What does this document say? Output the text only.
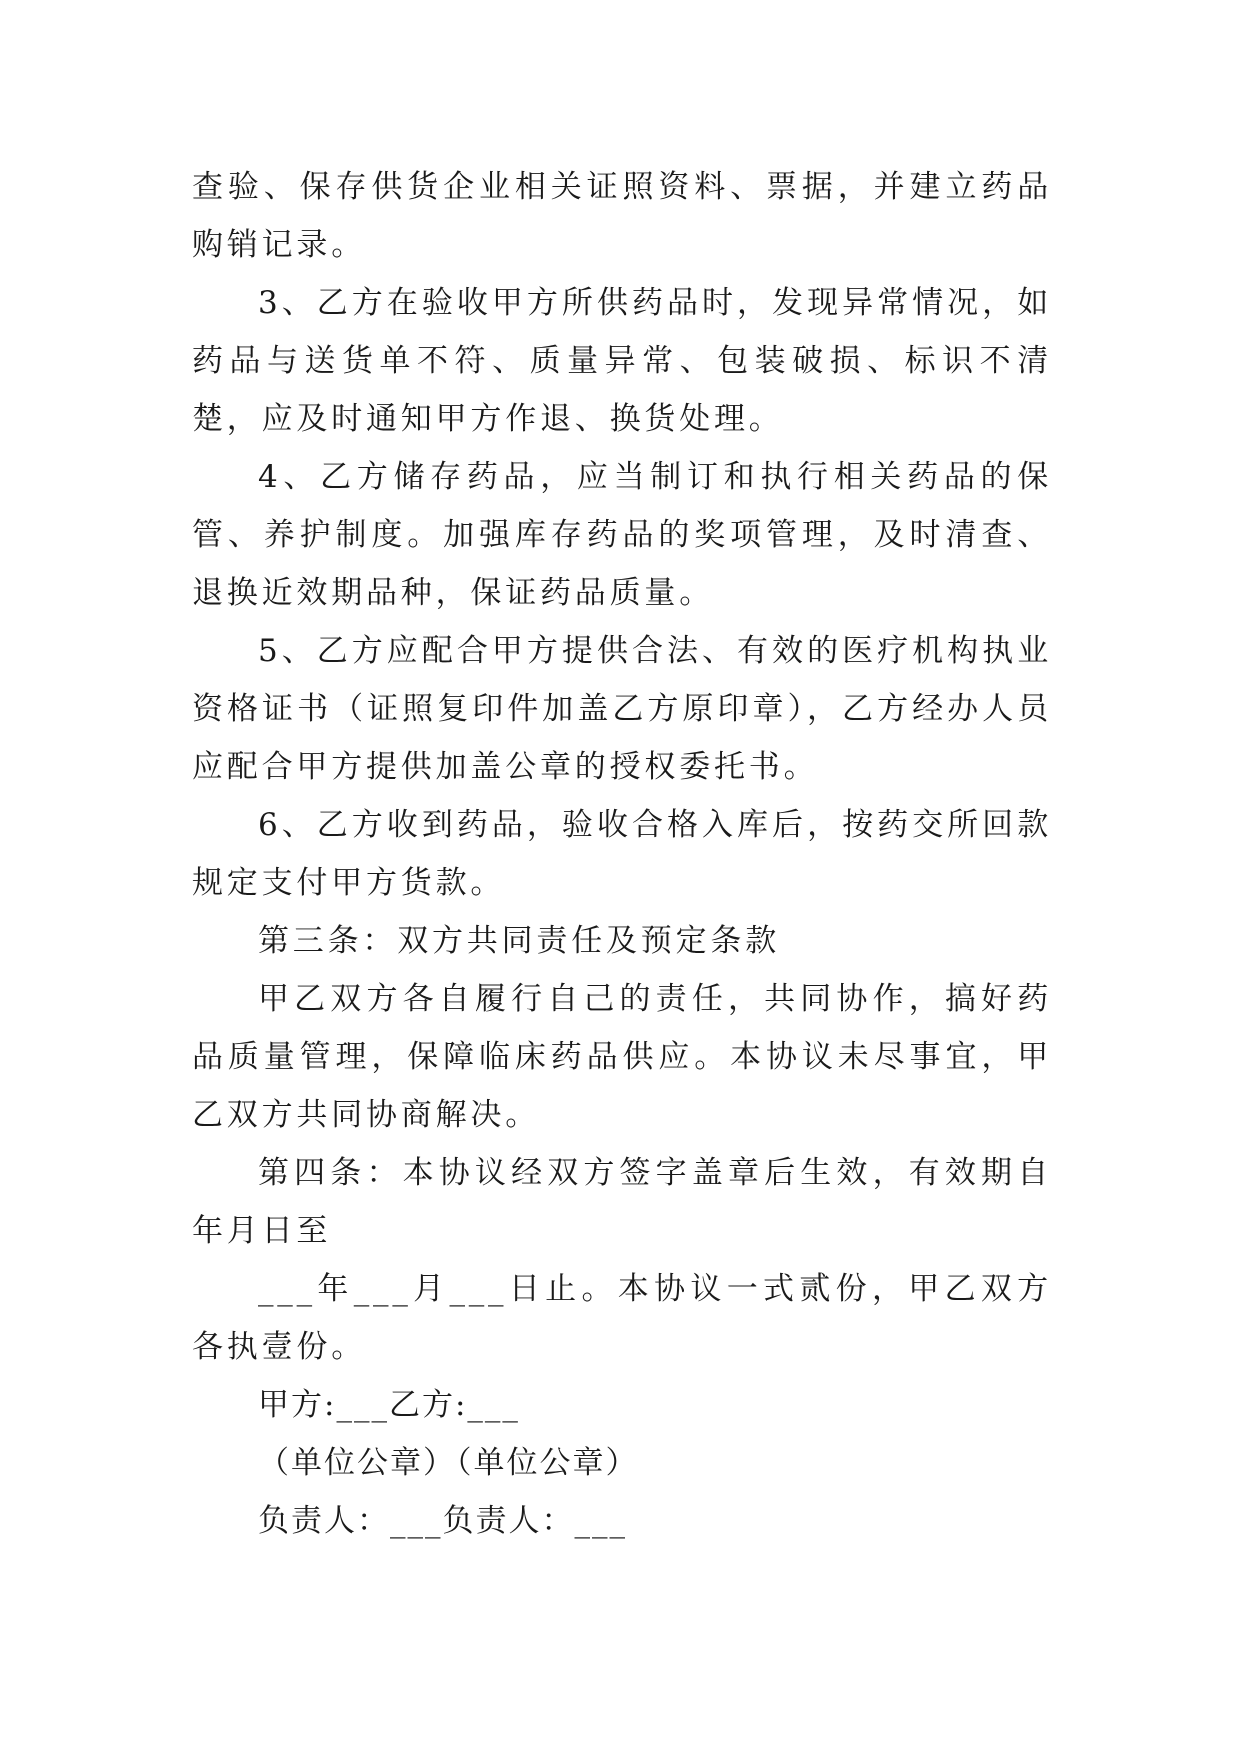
查验、保存供货企业相关证照资料、票据，并建立药品购销记录。

3、乙方在验收甲方所供药品时，发现异常情况，如药品与送货单不符、质量异常、包装破损、标识不清楚，应及时通知甲方作退、换货处理。

4、乙方储存药品，应当制订和执行相关药品的保管、养护制度。加强库存药品的奖项管理，及时清查、退换近效期品种，保证药品质量。

5、乙方应配合甲方提供合法、有效的医疗机构执业资格证书（证照复印件加盖乙方原印章），乙方经办人员应配合甲方提供加盖公章的授权委托书。

6、乙方收到药品，验收合格入库后，按药交所回款规定支付甲方货款。

第三条：双方共同责任及预定条款

甲乙双方各自履行自己的责任，共同协作，搞好药品质量管理，保障临床药品供应。本协议未尽事宜，甲乙双方共同协商解决。

第四条：本协议经双方签字盖章后生效，有效期自年月日至

___年___月___日止。本协议一式贰份，甲乙双方各执壹份。

甲方:___乙方:___

（单位公章）（单位公章）

负责人：___负责人：___
